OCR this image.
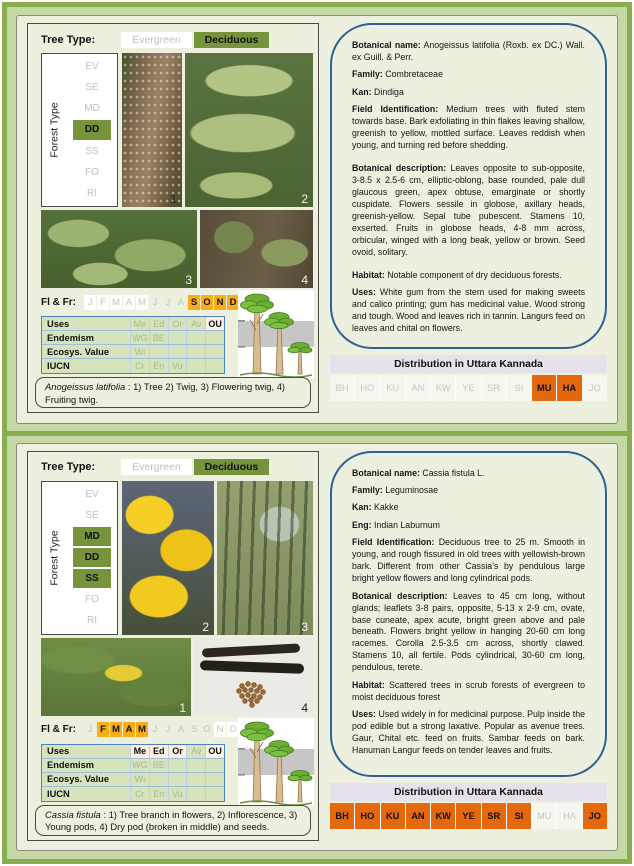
Tree Type:	Evergreen	Deciduous
Forest Type
EV
SE
MD
DD
SS
FO
RI	1	2
3	4
Fl & Fr:	J F M A M J J A S O N D
Uses	Me Ed Or Av OU
Endemism	WG BE
Ecosys. Value	Wi
IUCN	Cr En Vu
Anogeissus latifolia : 1) Tree 2) Twig, 3) Flowering twig, 4) Fruiting twig.

Botanical name: Anogeissus latifolia (Roxb. ex DC.) Wall. ex Guill. & Perr.

Family: Combretaceae

Kan: Dindiga

Field Identification: Medium trees with fluted stem towards base. Bark exfoliating in thin flakes leaving shallow, greenish to yellow, mottled surface. Leaves reddish when young, and turning red before shedding.

Botanical description: Leaves opposite to sub-opposite, 3-8.5 x 2.5-6 cm, elliptic-oblong, base rounded, pale dull glaucous green, apex obtuse, emarginate or shortly cuspidate. Flowers sessile in globose, axillary heads, greenish-yellow. Sepal tube pubescent. Stamens 10, exserted. Fruits in globose heads, 4-8 mm across, orbicular, winged with a long beak, yellow or brown. Seed ovoid, solitary.

Habitat: Notable component of dry deciduous forests.

Uses: White gum from the stem used for making sweets and calico printing; gum has medicinal value. Wood strong and tough. Wood and leaves rich in tannin. Langurs feed on leaves and chital on flowers.

Distribution in Uttara Kannada
BH	HO	KU	AN	KW	YE	SR	SI	MU	HA	JO
Tree Type:	Evergreen	Deciduous
Forest Type
EV
SE
MD
DD
SS
FO
RI	2	3
1	4
Fl & Fr:	J F M A M J J A S O N D
Uses	Me Ed Or Av OU
Endemism	WG BE
Ecosys. Value	Wi
IUCN	Cr En Vu
Cassia fistula : 1) Tree branch in flowers, 2) Inflorescence, 3) Young pods, 4) Dry pod (broken in middle) and seeds.

Botanical name: Cassia fistula L.

Family: Leguminosae

Kan: Kakke

Eng: Indian Laburnum

Field Identification: Deciduous tree to 25 m. Smooth in young, and rough fissured in old trees with yellowish-brown bark. Different from other Cassia's by pendulous large bright yellow flowers and long cylindrical pods.

Botanical description: Leaves to 45 cm long, without glands; leaflets 3-8 pairs, opposite, 5-13 x 2-9 cm, ovate, base cuneate, apex acute, bright green above and pale beneath. Flowers bright yellow in hanging 20-60 cm long racemes. Corolla 2.5-3.5 cm across, shortly clawed. Stamens 10, all fertile. Pods cylindrical, 30-60 cm long, pendulous, terete.

Habitat: Scattered trees in scrub forests of evergreen to moist deciduous forest

Uses: Used widely in for medicinal purpose. Pulp inside the pod edible but a strong laxative. Popular as avenue trees. Gaur, Chital etc. feed on fruits. Sambar feeds on bark. Hanuman Langur feeds on tender leaves and fruits.

Distribution in Uttara Kannada
BH	HO	KU	AN	KW	YE	SR	SI	MU	HA	JO
